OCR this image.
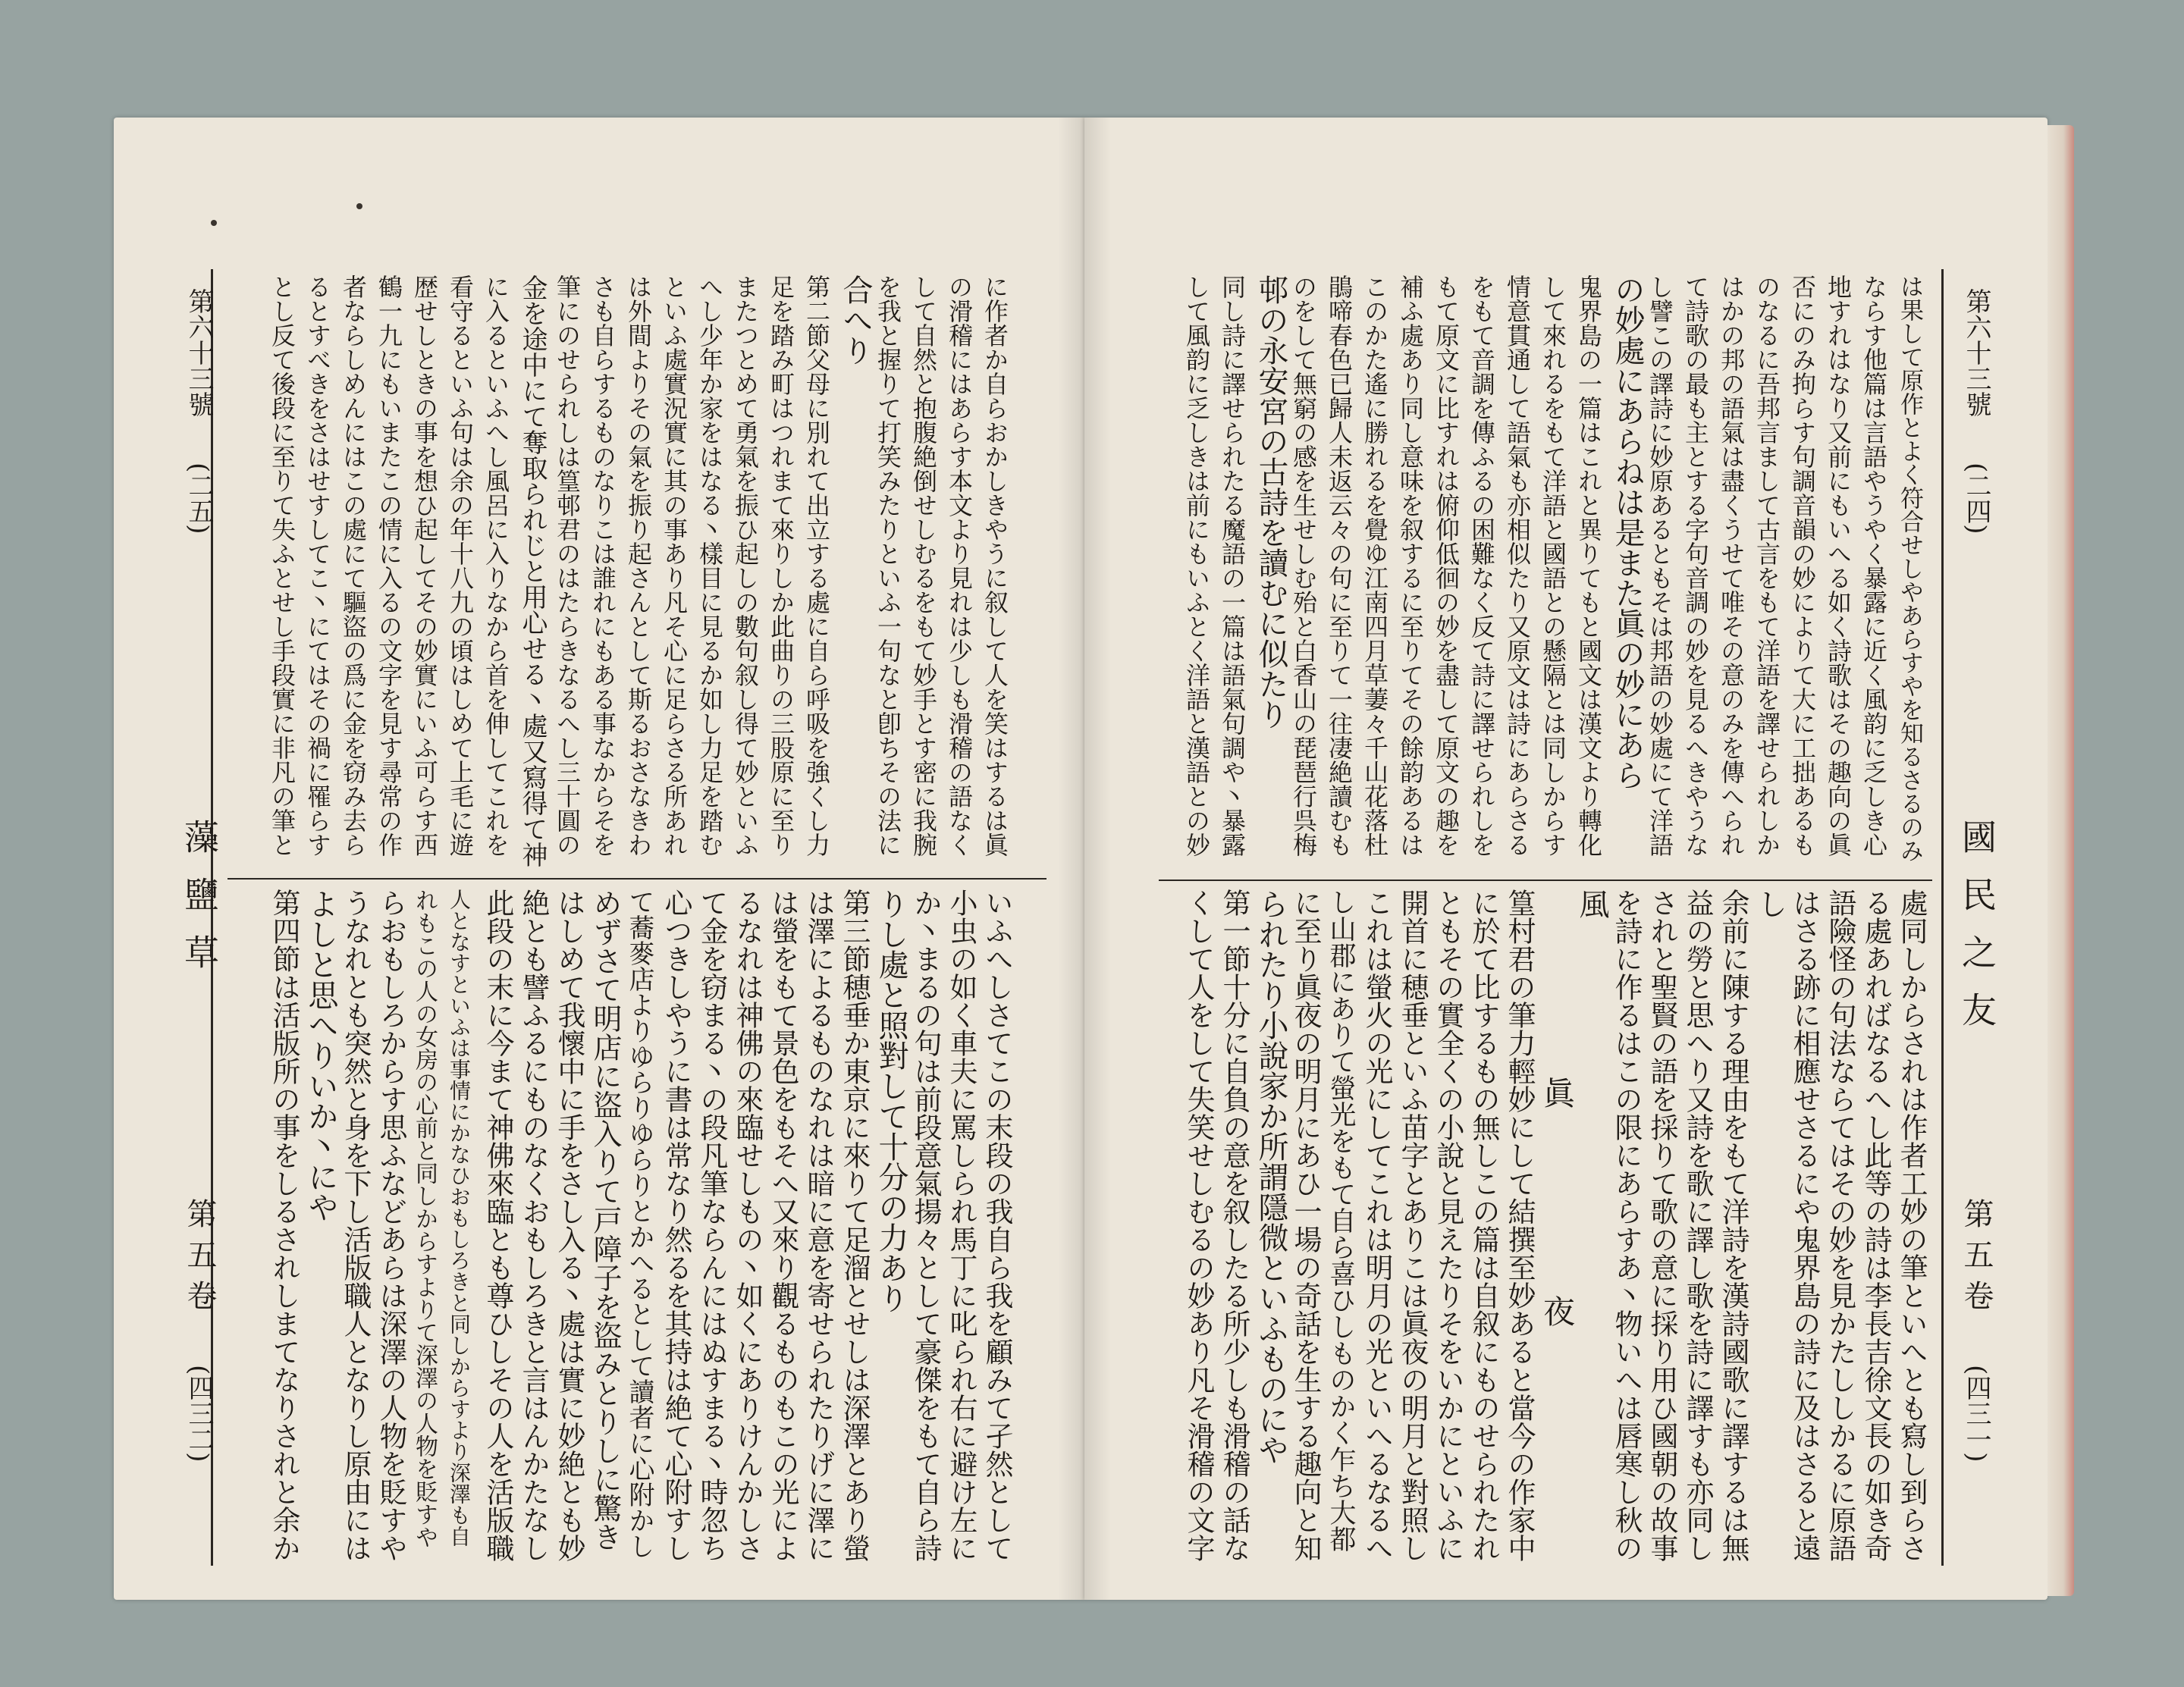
第六十三號
(二五)
藻鹽草
第五卷
(四三二)
第六十三號
(二四)
國民之友
第五卷
(四三一)
は果して原作とよく符合せしやあらすやを知るさるのみ
ならす他篇は言語やうやく暴露に近く風韵に乏しき心
地すれはなり又前にもいへる如く詩歌はその趣向の眞
否にのみ拘らす句調音韻の妙によりて大に工拙あるも
のなるに吾邦言まして古言をもて洋語を譯せられしか
はかの邦の語氣は盡くうせて唯その意のみを傳へられ
て詩歌の最も主とする字句音調の妙を見るへきやうな
し譬この譯詩に妙原あるともそは邦語の妙處にて洋語
の妙處にあらねは是また眞の妙にあら
鬼界島の一篇はこれと異りてもと國文は漢文より轉化
して來れるをもて洋語と國語との懸隔とは同しからす
情意貫通して語氣も亦相似たり又原文は詩にあらさる
をもて音調を傳ふるの困難なく反て詩に譯せられしを
もて原文に比すれは俯仰低徊の妙を盡して原文の趣を
補ふ處あり同し意味を叙するに至りてその餘韵あるは
このかた遙に勝れるを覺ゆ江南四月草萋々千山花落杜
鵑啼春色已歸人未返云々の句に至りて一往凄絶讀むも
のをして無窮の感を生せしむ殆と白香山の琵琶行呉梅
邨の永安宮の古詩を讀むに似たり
同し詩に譯せられたる魔語の一篇は語氣句調や丶暴露
して風韵に乏しきは前にもいふとく洋語と漢語との妙
處同しからされは作者工妙の筆といへとも寫し到らさ
る處あればなるへし此等の詩は李長吉徐文長の如き奇
語險怪の句法ならてはその妙を見かたししかるに原語
はさる跡に相應せさるにや鬼界島の詩に及はさると遠
し
余前に陳する理由をもて洋詩を漢詩國歌に譯するは無
益の勞と思へり又詩を歌に譯し歌を詩に譯すも亦同し
されと聖賢の語を採りて歌の意に採り用ひ國朝の故事
を詩に作るはこの限にあらすあ丶物いへは唇寒し秋の
風
眞　　　夜
篁村君の筆力輕妙にして結撰至妙あると當今の作家中
に於て比するもの無しこの篇は自叙にものせられたれ
ともその實全くの小說と見えたりそをいかにといふに
開首に穂垂といふ苗字とありこは眞夜の明月と對照し
これは螢火の光にしてこれは明月の光といへるなるへ
し山郡にありて螢光をもて自ら喜ひしものかく乍ち大都
に至り眞夜の明月にあひ一場の奇話を生する趣向と知
られたり小說家か所謂隱微といふものにや
第一節十分に自負の意を叙したる所少しも滑稽の話な
くして人をして失笑せしむるの妙あり凡そ滑稽の文字
に作者か自らおかしきやうに叙して人を笑はするは眞
の滑稽にはあらす本文より見れは少しも滑稽の語なく
して自然と抱腹絶倒せしむるをもて妙手とす密に我腕
を我と握りて打笑みたりといふ一句なと卽ちその法に
合へり
第二節父母に別れて出立する處に自ら呼吸を強くし力
足を踏み町はつれまて來りしか此曲りの三股原に至り
またつとめて勇氣を振ひ起しの數句叙し得て妙といふ
へし少年か家をはなる丶樣目に見るか如し力足を踏む
といふ處實況實に其の事あり凡そ心に足らさる所あれ
は外間よりその氣を振り起さんとして斯るおさなきわ
さも自らするものなりこは誰れにもある事なからそを
筆にのせられしは篁邨君のはたらきなるへし三十圓の
金を途中にて奪取られじと用心せる丶處又寫得て神
に入るといふへし風呂に入りなから首を伸してこれを
看守るといふ句は余の年十八九の頃はしめて上毛に遊
歴せしときの事を想ひ起してその妙實にいふ可らす西
鶴一九にもいまたこの情に入るの文字を見す尋常の作
者ならしめんにはこの處にて驅盜の爲に金を窃み去ら
るとすべきをさはせすしてこ丶にてはその禍に罹らす
とし反て後段に至りて失ふとせし手段實に非凡の筆と
いふへしさてこの末段の我自ら我を顧みて孑然として
小虫の如く車夫に罵しられ馬丁に叱られ右に避け左に
か丶まるの句は前段意氣揚々として豪傑をもて自ら詩
りし處と照對して十分の力あり
第三節穂垂か東京に來りて足溜とせしは深澤とあり螢
は澤によるものなれは暗に意を寄せられたりげに澤に
は螢をもて景色をもそへ又來り觀るものもこの光によ
るなれは神佛の來臨せしもの丶如くにありけんかしさ
て金を窃まる丶の段凡筆ならんにはぬすまる丶時忽ち
心つきしやうに書は常なり然るを其持は絶て心附すし
て蕎麥店よりゆらりゆらりとかへるとして讀者に心附かし
めずさて明店に盜入りて戸障子を盜みとりしに驚き
はしめて我懷中に手をさし入る丶處は實に妙絶とも妙
絶とも譬ふるにものなくおもしろきと言はんかたなし
此段の末に今まて神佛來臨とも尊ひしその人を活版職
人となすといふは事情にかなひおもしろきと同しからすより深澤も自
れもこの人の女房の心前と同しからすよりて深澤の人物を貶すや
らおもしろからす思ふなどあらは深澤の人物を貶すや
うなれとも突然と身を下し活版職人となりし原由には
よしと思へりいか丶にや
第四節は活版所の事をしるされしまてなりされと余か
